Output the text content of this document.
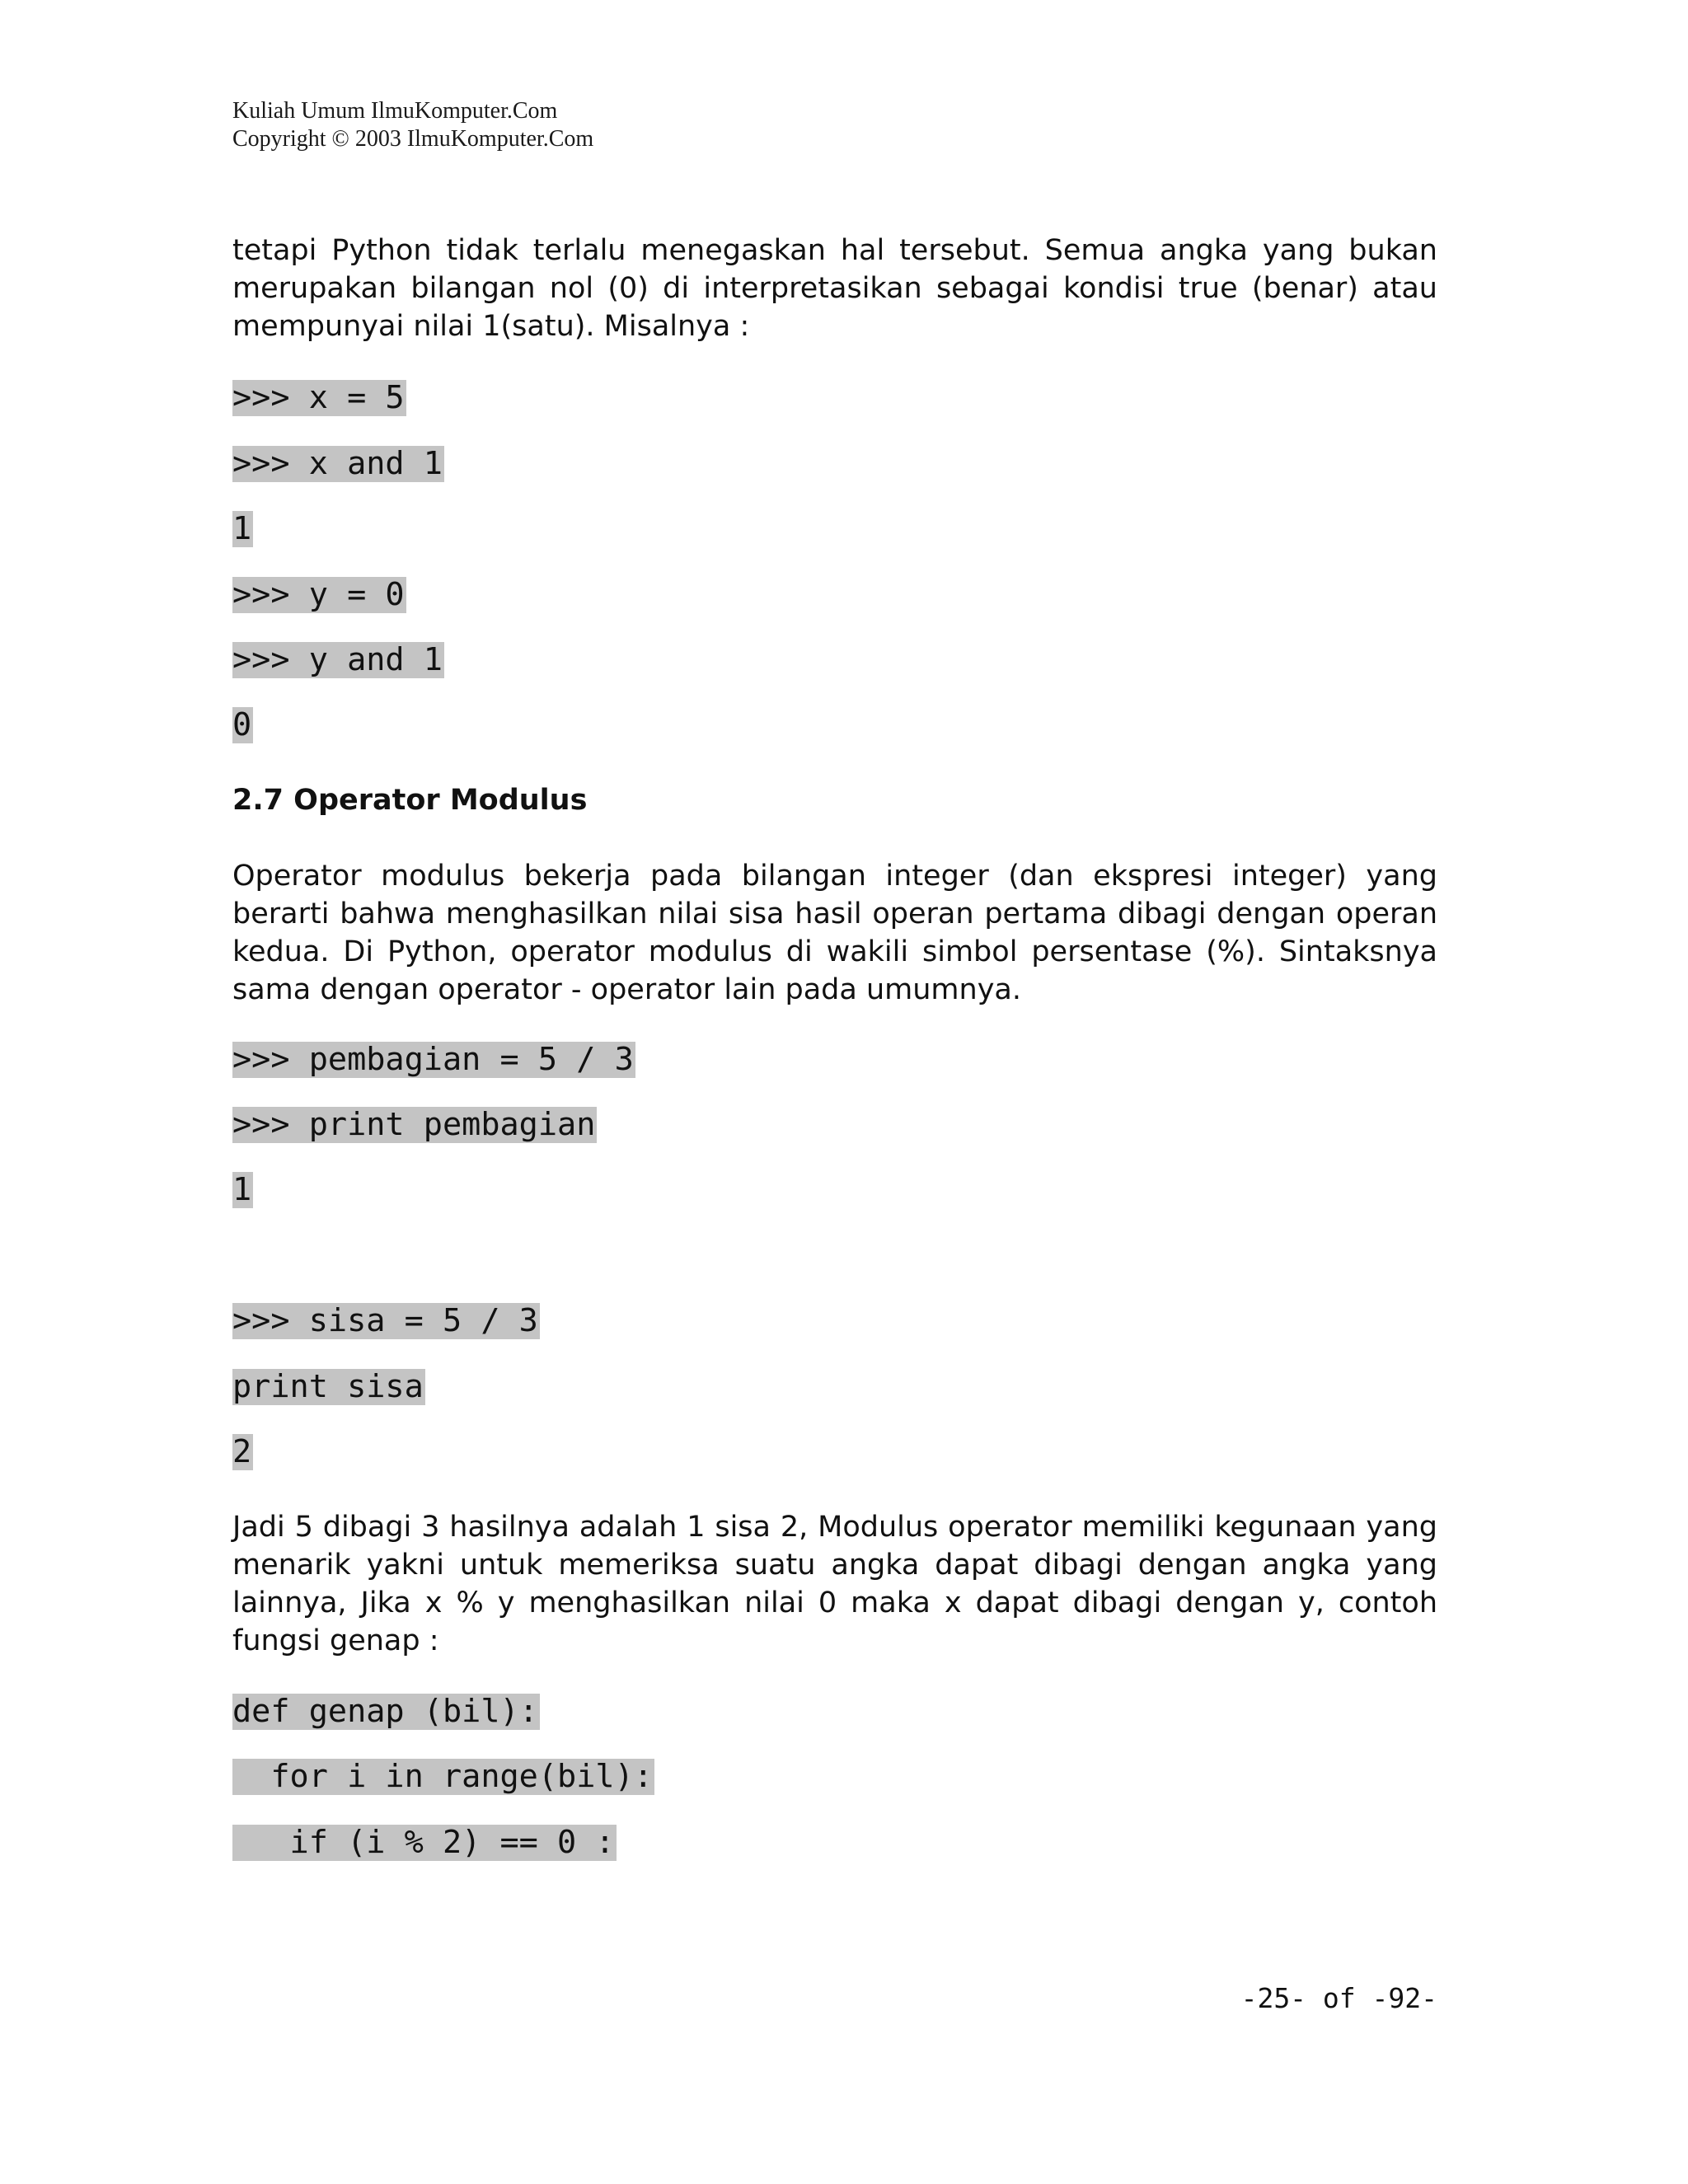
Kuliah Umum IlmuKomputer.Com
Copyright © 2003 IlmuKomputer.Com
tetapi Python tidak terlalu menegaskan hal tersebut. Semua angka yang bukan
merupakan bilangan nol (0) di interpretasikan sebagai kondisi true (benar) atau
mempunyai nilai 1(satu). Misalnya :
>>> x = 5
>>> x and 1
1
>>> y = 0
>>> y and 1
0
2.7 Operator Modulus
Operator modulus bekerja pada bilangan integer (dan ekspresi integer) yang
berarti bahwa menghasilkan nilai sisa hasil operan pertama dibagi dengan operan
kedua. Di Python, operator modulus di wakili simbol persentase (%). Sintaksnya
sama dengan operator - operator lain pada umumnya.
>>> pembagian = 5 / 3
>>> print pembagian
1
>>> sisa = 5 / 3
print sisa
2
Jadi 5 dibagi 3 hasilnya adalah 1 sisa 2, Modulus operator memiliki kegunaan yang
menarik yakni untuk memeriksa suatu angka dapat dibagi dengan angka yang
lainnya, Jika x % y menghasilkan nilai 0 maka x dapat dibagi dengan y, contoh
fungsi genap :
def genap (bil):
for i in range(bil):
if (i % 2) == 0 :
-25- of -92-
